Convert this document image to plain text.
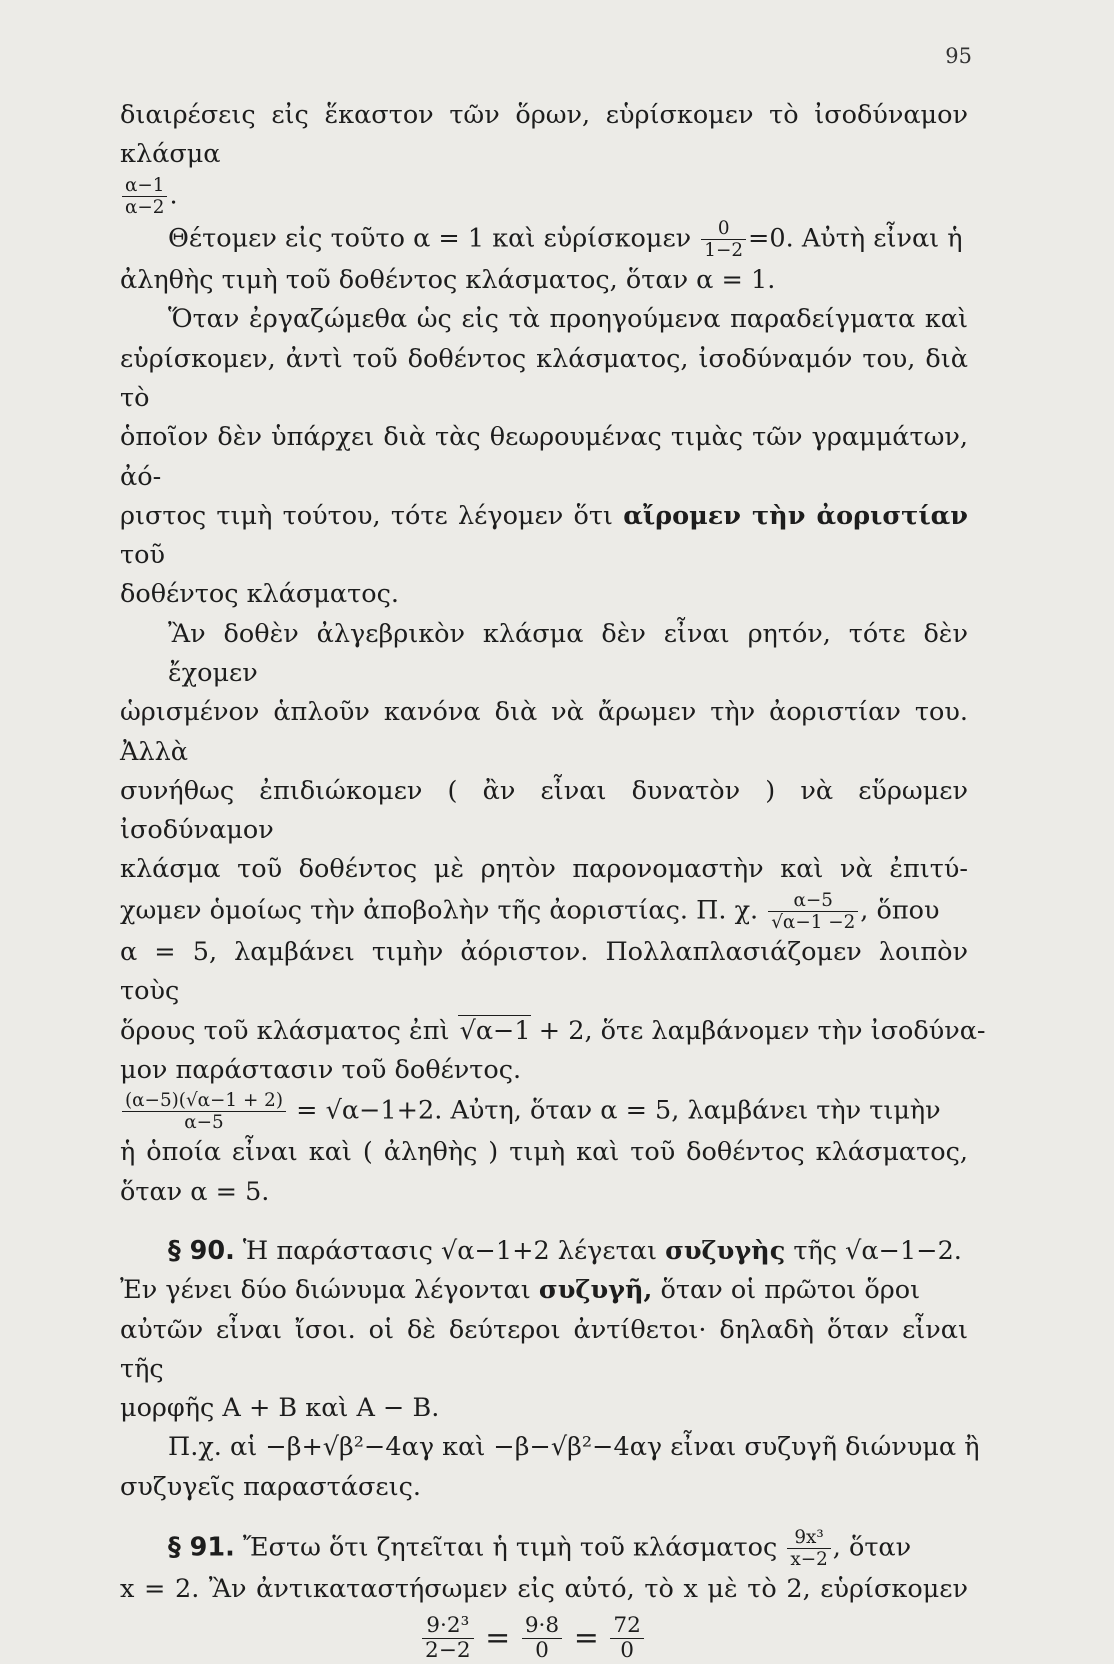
95
διαιρέσεις εἰς ἕκαστον τῶν ὅρων, εὑρίσκομεν τὸ ἰσοδύναμον κλάσμα
$\frac{\alpha-1}{\alpha-2}$ .
Θέτομεν εἰς τοῦτο α = 1 καὶ εὑρίσκομεν $\frac{0}{1-2} =0$. Αὐτὴ εἶναι ἡ
ἀληθὴς τιμὴ τοῦ δοθέντος κλάσματος, ὅταν α = 1.
Ὅταν ἐργαζώμεθα ὡς εἰς τὰ προηγούμενα παραδείγματα καὶ
εὑρίσκομεν, ἀντὶ τοῦ δοθέντος κλάσματος, ἰσοδύναμόν του, διὰ τὸ
ὁποῖον δὲν ὑπάρχει διὰ τὰς θεωρουμένας τιμὰς τῶν γραμμάτων, ἀό-
ριστος τιμὴ τούτου, τότε λέγομεν ὅτι αἴρομεν τὴν ἀοριστίαν τοῦ
δοθέντος κλάσματος.
Ἂν δοθὲν ἀλγεβρικὸν κλάσμα δὲν εἶναι ρητόν, τότε δὲν ἔχομεν
ὡρισμένον ἁπλοῦν κανόνα διὰ νὰ ἄρωμεν τὴν ἀοριστίαν του. Ἀλλὰ
συνήθως ἐπιδιώκομεν ( ἂν εἶναι δυνατὸν ) νὰ εὕρωμεν ἰσοδύναμον
κλάσμα τοῦ δοθέντος μὲ ρητὸν παρονομαστὴν καὶ νὰ ἐπιτύ-
χωμεν ὁμοίως τὴν ἀποβολὴν τῆς ἀοριστίας. Π. χ. $\frac{\alpha-5}{√\alpha-1 -2}$ , ὅπου
α = 5, λαμβάνει τιμὴν ἀόριστον. Πολλαπλασιάζομεν λοιπὸν τοὺς
ὅρους τοῦ κλάσματος ἐπὶ √α−1 + 2, ὅτε λαμβάνομεν τὴν ἰσοδύνα-
μον παράστασιν τοῦ δοθέντος.
$\frac{(\alpha-5)(√\alpha-1 + 2)}{\alpha-5} = √\alpha-1+2$. Αὐτη, ὅταν α = 5, λαμβάνει τὴν τιμὴν
ἡ ὁποία εἶναι καὶ ( ἀληθὴς ) τιμὴ καὶ τοῦ δοθέντος κλάσματος,
ὅταν α = 5.
§ 90. Ἡ παράστασις √α−1+2 λέγεται συζυγὴς τῆς √α−1−2.
Ἐν γένει δύο διώνυμα λέγονται συζυγῆ, ὅταν οἱ πρῶτοι ὅροι
αὐτῶν εἶναι ἴσοι. οἱ δὲ δεύτεροι ἀντίθετοι· δηλαδὴ ὅταν εἶναι τῆς
μορφῆς Α + Β καὶ Α − Β.
Π.χ. αἱ −β+√β²−4αγ καὶ −β−√β²−4αγ εἶναι συζυγῆ διώνυμα ἢ
συζυγεῖς παραστάσεις.
§ 91. Ἔστω ὅτι ζητεῖται ἡ τιμὴ τοῦ κλάσματος $\frac{\text{9x³}}{x-2}$ , ὅταν
x = 2. Ἂν ἀντικαταστήσωμεν εἰς αὐτό, τὸ x μὲ τὸ 2, εὑρίσκομεν
$\frac{\text{9·2³}}{2-2} = \frac{9\cdot 8}{0} = \frac{72}{0}$
